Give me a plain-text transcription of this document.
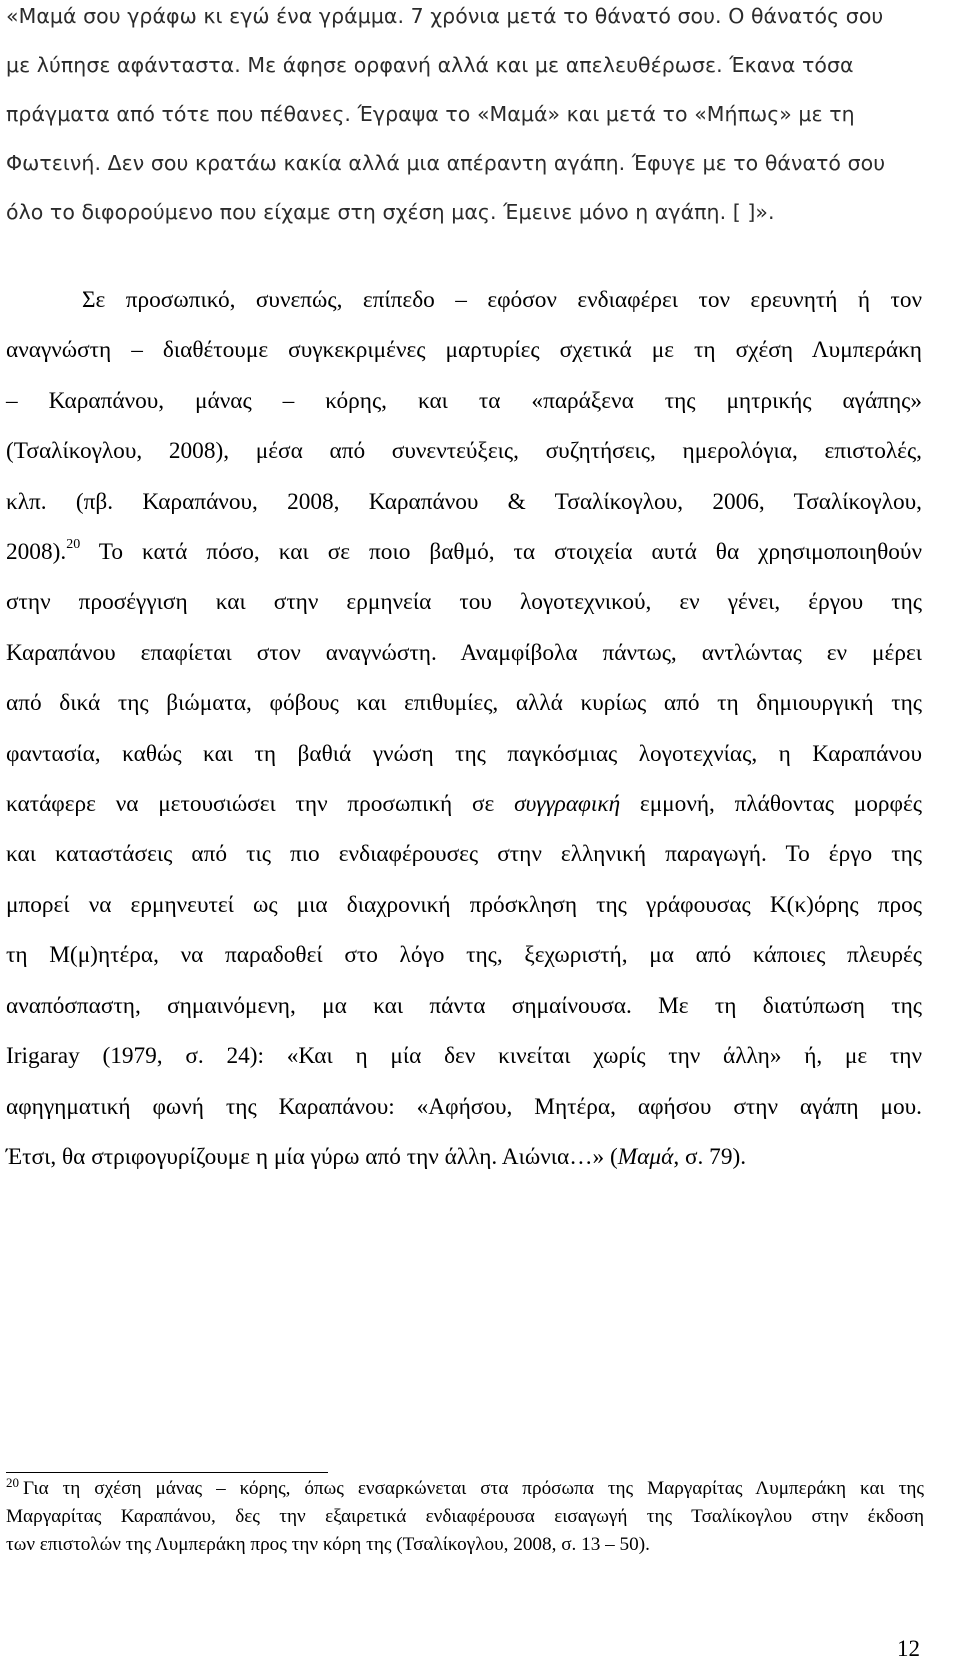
«Μαμά σου γράφω κι εγώ ένα γράμμα. 7 χρόνια μετά το θάνατό σου. Ο θάνατός σου
με λύπησε αφάνταστα. Με άφησε ορφανή αλλά και με απελευθέρωσε. Έκανα τόσα
πράγματα από τότε που πέθανες. Έγραψα το «Μαμά» και μετά το «Μήπως» με τη
Φωτεινή. Δεν σου κρατάω κακία αλλά μια απέραντη αγάπη. Έφυγε με το θάνατό σου
όλο το διφορούμενο που είχαμε στη σχέση μας. Έμεινε μόνο η αγάπη. [ ]».
Σε προσωπικό, συνεπώς, επίπεδο – εφόσον ενδιαφέρει τον ερευνητή ή τον
αναγνώστη – διαθέτουμε συγκεκριμένες μαρτυρίες σχετικά με τη σχέση Λυμπεράκη
– Καραπάνου, μάνας – κόρης, και τα «παράξενα της μητρικής αγάπης»
(Τσαλίκογλου, 2008), μέσα από συνεντεύξεις, συζητήσεις, ημερολόγια, επιστολές,
κλπ. (πβ. Καραπάνου, 2008, Καραπάνου & Τσαλίκογλου, 2006, Τσαλίκογλου,
2008).$^{20}$ Το κατά πόσο, και σε ποιο βαθμό, τα στοιχεία αυτά θα χρησιμοποιηθούν
στην προσέγγιση και στην ερμηνεία του λογοτεχνικού, εν γένει, έργου της
Καραπάνου επαφίεται στον αναγνώστη. Αναμφίβολα πάντως, αντλώντας εν μέρει
από δικά της βιώματα, φόβους και επιθυμίες, αλλά κυρίως από τη δημιουργική της
φαντασία, καθώς και τη βαθιά γνώση της παγκόσμιας λογοτεχνίας, η Καραπάνου
κατάφερε να μετουσιώσει την προσωπική σε συγγραφική εμμονή, πλάθοντας μορφές
και καταστάσεις από τις πιο ενδιαφέρουσες στην ελληνική παραγωγή. Το έργο της
μπορεί να ερμηνευτεί ως μια διαχρονική πρόσκληση της γράφουσας Κ(κ)όρης προς
τη Μ(μ)ητέρα, να παραδοθεί στο λόγο της, ξεχωριστή, μα από κάποιες πλευρές
αναπόσπαστη, σημαινόμενη, μα και πάντα σημαίνουσα. Με τη διατύπωση της
Irigaray (1979, σ. 24): «Και η μία δεν κινείται χωρίς την άλλη» ή, με την
αφηγηματική φωνή της Καραπάνου: «Αφήσου, Μητέρα, αφήσου στην αγάπη μου.
Έτσι, θα στριφογυρίζουμε η μία γύρω από την άλλη. Αιώνια…» (Μαμά, σ. 79).
$^{20}$ Για τη σχέση μάνας – κόρης, όπως ενσαρκώνεται στα πρόσωπα της Μαργαρίτας Λυμπεράκη και της
Μαργαρίτας Καραπάνου, δες την εξαιρετικά ενδιαφέρουσα εισαγωγή της Τσαλίκογλου στην έκδοση
των επιστολών της Λυμπεράκη προς την κόρη της (Τσαλίκογλου, 2008, σ. 13 – 50).
12
